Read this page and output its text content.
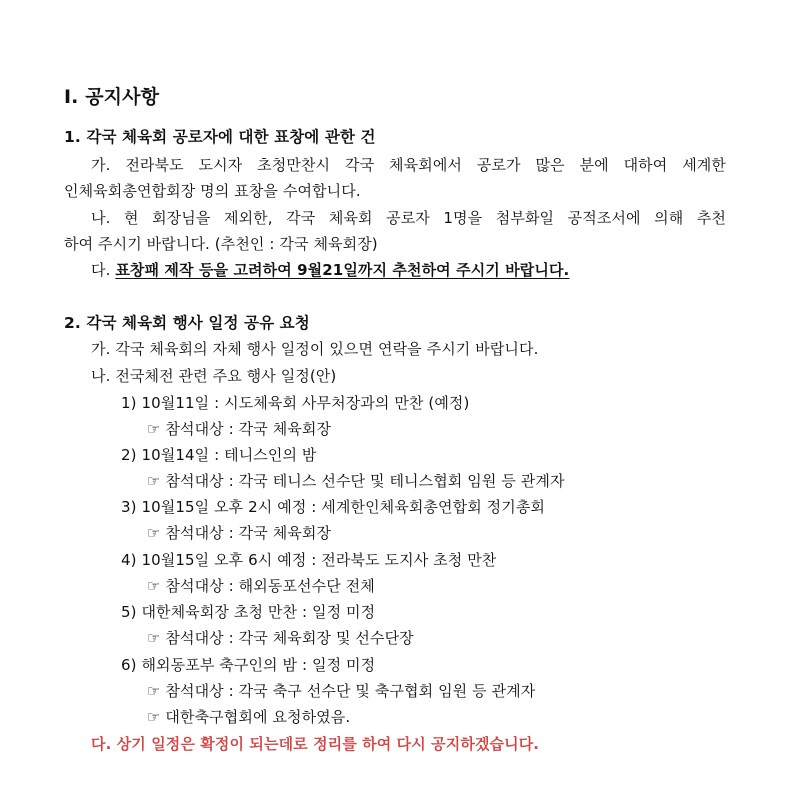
I. 공지사항
1. 각국 체육회 공로자에 대한 표창에 관한 건
가. 전라북도 도시자 초청만찬시 각국 체육회에서 공로가 많은 분에 대하여 세계한
인체육회총연합회장 명의 표창을 수여합니다.
나. 현 회장님을 제외한, 각국 체육회 공로자 1명을 첨부화일 공적조서에 의해 추천
하여 주시기 바랍니다. (추천인 : 각국 체육회장)
다. 표창패 제작 등을 고려하여 9월21일까지 추천하여 주시기 바랍니다.
2. 각국 체육회 행사 일정 공유 요청
가. 각국 체육회의 자체 행사 일정이 있으면 연락을 주시기 바랍니다.
나. 전국체전 관련 주요 행사 일정(안)
1) 10월11일 : 시도체육회 사무처장과의 만찬 (예정)
☞ 참석대상 : 각국 체육회장
2) 10월14일 : 테니스인의 밤
☞ 참석대상 : 각국 테니스 선수단 및 테니스협회 임원 등 관계자
3) 10월15일 오후 2시 예정 : 세계한인체육회총연합회 정기총회
☞ 참석대상 : 각국 체육회장
4) 10월15일 오후 6시 예정 : 전라북도 도지사 초청 만찬
☞ 참석대상 : 해외동포선수단 전체
5) 대한체육회장 초청 만찬 : 일정 미정
☞ 참석대상 : 각국 체육회장 및 선수단장
6) 해외동포부 축구인의 밤 : 일정 미정
☞ 참석대상 : 각국 축구 선수단 및 축구협회 임원 등 관계자
☞ 대한축구협회에 요청하였음.
다. 상기 일정은 확정이 되는데로 정리를 하여 다시 공지하겠습니다.
